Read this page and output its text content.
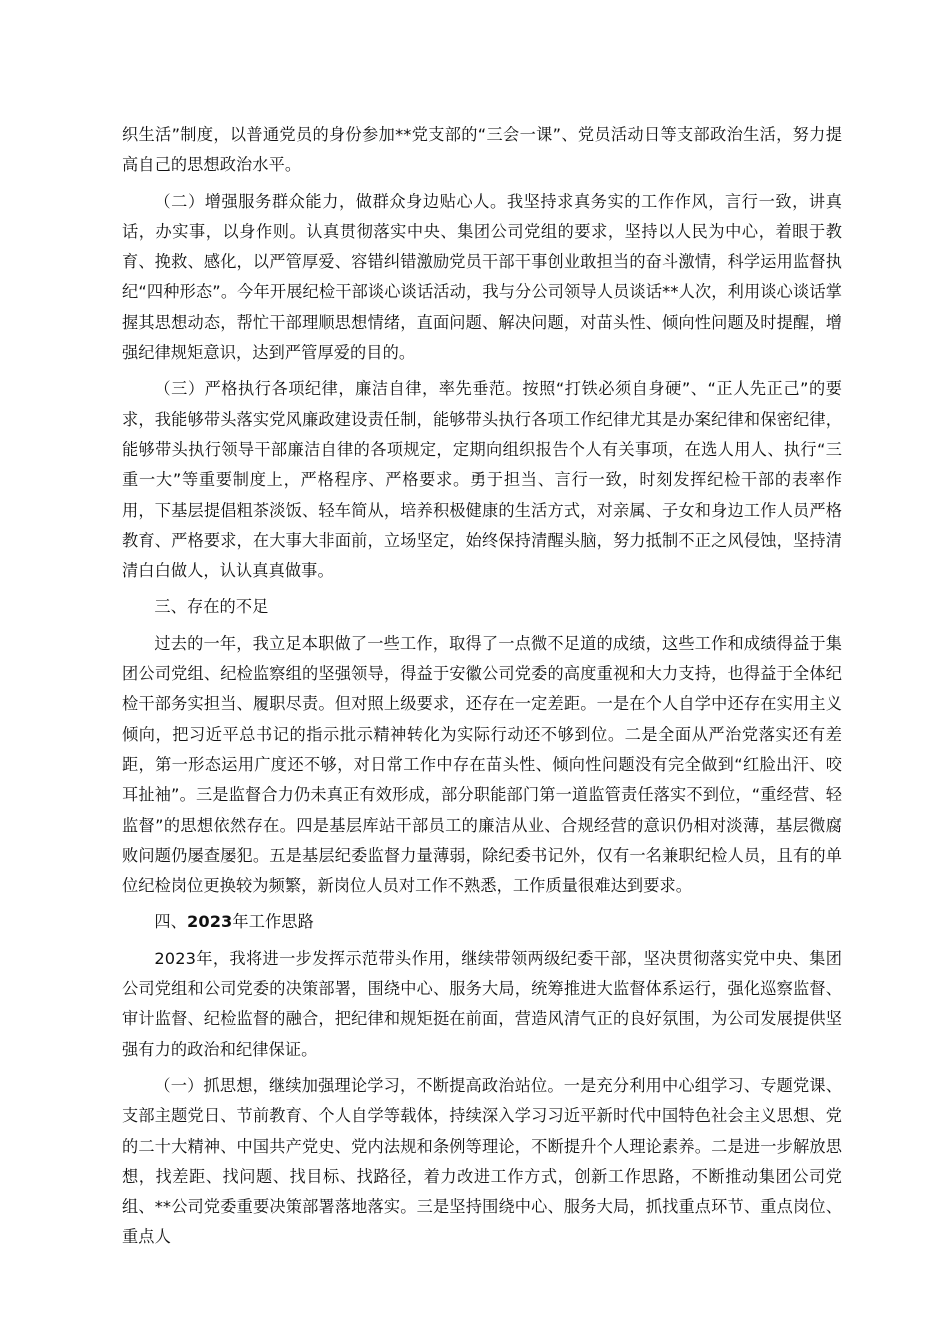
织生活”制度，以普通党员的身份参加**党支部的“三会一课”、党员活动日等支部政治生活，努力提高自己的思想政治水平。

（二）增强服务群众能力，做群众身边贴心人。我坚持求真务实的工作作风，言行一致，讲真话，办实事，以身作则。认真贯彻落实中央、集团公司党组的要求，坚持以人民为中心，着眼于教育、挽救、感化，以严管厚爱、容错纠错激励党员干部干事创业敢担当的奋斗激情，科学运用监督执纪“四种形态”。今年开展纪检干部谈心谈话活动，我与分公司领导人员谈话**人次，利用谈心谈话掌握其思想动态，帮忙干部理顺思想情绪，直面问题、解决问题，对苗头性、倾向性问题及时提醒，增强纪律规矩意识，达到严管厚爱的目的。

（三）严格执行各项纪律，廉洁自律，率先垂范。按照“打铁必须自身硬”、“正人先正己”的要求，我能够带头落实党风廉政建设责任制，能够带头执行各项工作纪律尤其是办案纪律和保密纪律，能够带头执行领导干部廉洁自律的各项规定，定期向组织报告个人有关事项，在选人用人、执行“三重一大”等重要制度上，严格程序、严格要求。勇于担当、言行一致，时刻发挥纪检干部的表率作用，下基层提倡粗茶淡饭、轻车简从，培养积极健康的生活方式，对亲属、子女和身边工作人员严格教育、严格要求，在大事大非面前，立场坚定，始终保持清醒头脑，努力抵制不正之风侵蚀，坚持清清白白做人，认认真真做事。

三、存在的不足

过去的一年，我立足本职做了一些工作，取得了一点微不足道的成绩，这些工作和成绩得益于集团公司党组、纪检监察组的坚强领导，得益于安徽公司党委的高度重视和大力支持，也得益于全体纪检干部务实担当、履职尽责。但对照上级要求，还存在一定差距。一是在个人自学中还存在实用主义倾向，把习近平总书记的指示批示精神转化为实际行动还不够到位。二是全面从严治党落实还有差距，第一形态运用广度还不够，对日常工作中存在苗头性、倾向性问题没有完全做到“红脸出汗、咬耳扯袖”。三是监督合力仍未真正有效形成，部分职能部门第一道监管责任落实不到位，“重经营、轻监督”的思想依然存在。四是基层库站干部员工的廉洁从业、合规经营的意识仍相对淡薄，基层微腐败问题仍屡查屡犯。五是基层纪委监督力量薄弱，除纪委书记外，仅有一名兼职纪检人员，且有的单位纪检岗位更换较为频繁，新岗位人员对工作不熟悉，工作质量很难达到要求。

四、2023年工作思路

2023年，我将进一步发挥示范带头作用，继续带领两级纪委干部，坚决贯彻落实党中央、集团公司党组和公司党委的决策部署，围绕中心、服务大局，统筹推进大监督体系运行，强化巡察监督、审计监督、纪检监督的融合，把纪律和规矩挺在前面，营造风清气正的良好氛围，为公司发展提供坚强有力的政治和纪律保证。

（一）抓思想，继续加强理论学习，不断提高政治站位。一是充分利用中心组学习、专题党课、支部主题党日、节前教育、个人自学等载体，持续深入学习习近平新时代中国特色社会主义思想、党的二十大精神、中国共产党史、党内法规和条例等理论，不断提升个人理论素养。二是进一步解放思想，找差距、找问题、找目标、找路径，着力改进工作方式，创新工作思路，不断推动集团公司党组、**公司党委重要决策部署落地落实。三是坚持围绕中心、服务大局，抓找重点环节、重点岗位、重点人
